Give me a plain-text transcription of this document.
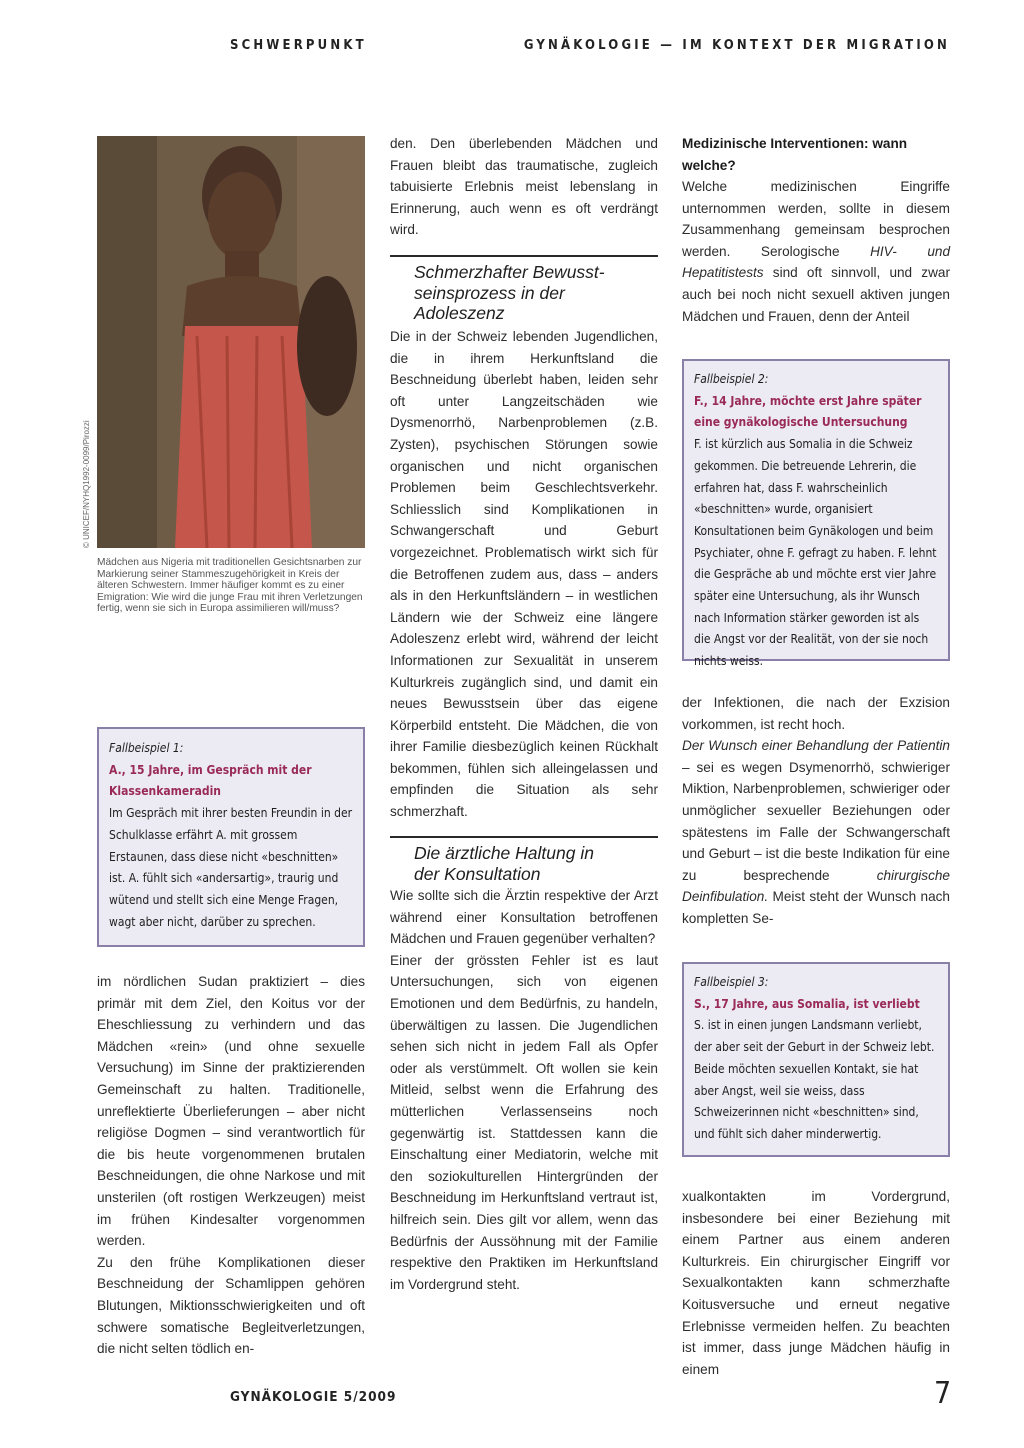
SCHWERPUNKT	GYNÄKOLOGIE — IM KONTEXT DER MIGRATION
© UNICEF/NYHQ1992-0099/Pirozzi
Mädchen aus Nigeria mit traditionellen Gesichtsnarben zur Markierung seiner Stammeszugehörigkeit in Kreis der älteren Schwestern. Immer häufiger kommt es zu einer Emigration: Wie wird die junge Frau mit ihren Verletzungen fertig, wenn sie sich in Europa assimilieren will/muss?
Fallbeispiel 1:
A., 15 Jahre, im Gespräch mit der Klassenkameradin
Im Gespräch mit ihrer besten Freundin in der Schulklasse erfährt A. mit grossem Erstaunen, dass diese nicht «beschnitten» ist. A. fühlt sich «andersartig», traurig und wütend und stellt sich eine Menge Fragen, wagt aber nicht, darüber zu sprechen.

im nördlichen Sudan praktiziert – dies primär mit dem Ziel, den Koitus vor der Eheschliessung zu verhindern und das Mädchen «rein» (und ohne sexuelle Versuchung) im Sinne der praktizierenden Gemeinschaft zu halten. Traditionelle, unreflektierte Überlieferungen – aber nicht religiöse Dogmen – sind verantwortlich für die bis heute vorgenommenen brutalen Beschneidungen, die ohne Narkose und mit unsterilen (oft rostigen Werkzeugen) meist im frühen Kindesalter vorgenommen werden.

Zu den frühe Komplikationen dieser Beschneidung der Schamlippen gehören Blutungen, Miktionsschwierigkeiten und oft schwere somatische Begleitverletzungen, die nicht selten tödlich en-

den. Den überlebenden Mädchen und Frauen bleibt das traumatische, zugleich tabuisierte Erlebnis meist lebenslang in Erinnerung, auch wenn es oft verdrängt wird.
Schmerzhafter Bewusst-
seinsprozess in der
Adoleszenz
Die in der Schweiz lebenden Jugendlichen, die in ihrem Herkunftsland die Beschneidung überlebt haben, leiden sehr oft unter Langzeitschäden wie Dysmenorrhö, Narbenproblemen (z.B. Zysten), psychischen Störungen sowie organischen und nicht organischen Problemen beim Geschlechtsverkehr. Schliesslich sind Komplikationen in Schwangerschaft und Geburt vorgezeichnet. Problematisch wirkt sich für die Betroffenen zudem aus, dass – anders als in den Herkunftsländern – in westlichen Ländern wie der Schweiz eine längere Adoleszenz erlebt wird, während der leicht Informationen zur Sexualität in unserem Kulturkreis zugänglich sind, und damit ein neues Bewusstsein über das eigene Körperbild entsteht. Die Mädchen, die von ihrer Familie diesbezüglich keinen Rückhalt bekommen, fühlen sich alleingelassen und empfinden die Situation als sehr schmerzhaft.
Die ärztliche Haltung in
der Konsultation

Wie sollte sich die Ärztin respektive der Arzt während einer Konsultation betroffenen Mädchen und Frauen gegenüber verhalten?

Einer der grössten Fehler ist es laut Untersuchungen, sich von eigenen Emotionen und dem Bedürfnis, zu handeln, überwältigen zu lassen. Die Jugendlichen sehen sich nicht in jedem Fall als Opfer oder als verstümmelt. Oft wollen sie kein Mitleid, selbst wenn die Erfahrung des mütterlichen Verlassenseins noch gegenwärtig ist. Stattdessen kann die Einschaltung einer Mediatorin, welche mit den soziokulturellen Hintergründen der Beschneidung im Herkunftsland vertraut ist, hilfreich sein. Dies gilt vor allem, wenn das Bedürfnis der Aussöhnung mit der Familie respektive den Praktiken im Herkunftsland im Vordergrund steht.

Medizinische Interventionen: wann welche?
Welche medizinischen Eingriffe unternommen werden, sollte in diesem Zusammenhang gemeinsam besprochen werden. Serologische HIV- und Hepatitistests sind oft sinnvoll, und zwar auch bei noch nicht sexuell aktiven jungen Mädchen und Frauen, denn der Anteil
Fallbeispiel 2:
F., 14 Jahre, möchte erst Jahre später eine gynäkologische Untersuchung
F. ist kürzlich aus Somalia in die Schweiz gekommen. Die betreuende Lehrerin, die erfahren hat, dass F. wahrscheinlich «beschnitten» wurde, organisiert Konsultationen beim Gynäkologen und beim Psychiater, ohne F. gefragt zu haben. F. lehnt die Gespräche ab und möchte erst vier Jahre später eine Untersuchung, als ihr Wunsch nach Information stärker geworden ist als die Angst vor der Realität, von der sie noch nichts weiss.

der Infektionen, die nach der Exzision vorkommen, ist recht hoch.

Der Wunsch einer Behandlung der Patientin – sei es wegen Dsymenorrhö, schwieriger Miktion, Narbenproblemen, schwieriger oder unmöglicher sexueller Beziehungen oder spätestens im Falle der Schwangerschaft und Geburt – ist die beste Indikation für eine zu besprechende chirurgische Deinfibulation. Meist steht der Wunsch nach kompletten Se-

Fallbeispiel 3:
S., 17 Jahre, aus Somalia, ist verliebt
S. ist in einen jungen Landsmann verliebt, der aber seit der Geburt in der Schweiz lebt. Beide möchten sexuellen Kontakt, sie hat aber Angst, weil sie weiss, dass Schweizerinnen nicht «beschnitten» sind, und fühlt sich daher minderwertig.
xualkontakten im Vordergrund, insbesondere bei einer Beziehung mit einem Partner aus einem anderen Kulturkreis. Ein chirurgischer Eingriff vor Sexualkontakten kann schmerzhafte Koitusversuche und erneut negative Erlebnisse vermeiden helfen. Zu beachten ist immer, dass junge Mädchen häufig in einem
GYNÄKOLOGIE 5/2009	7
